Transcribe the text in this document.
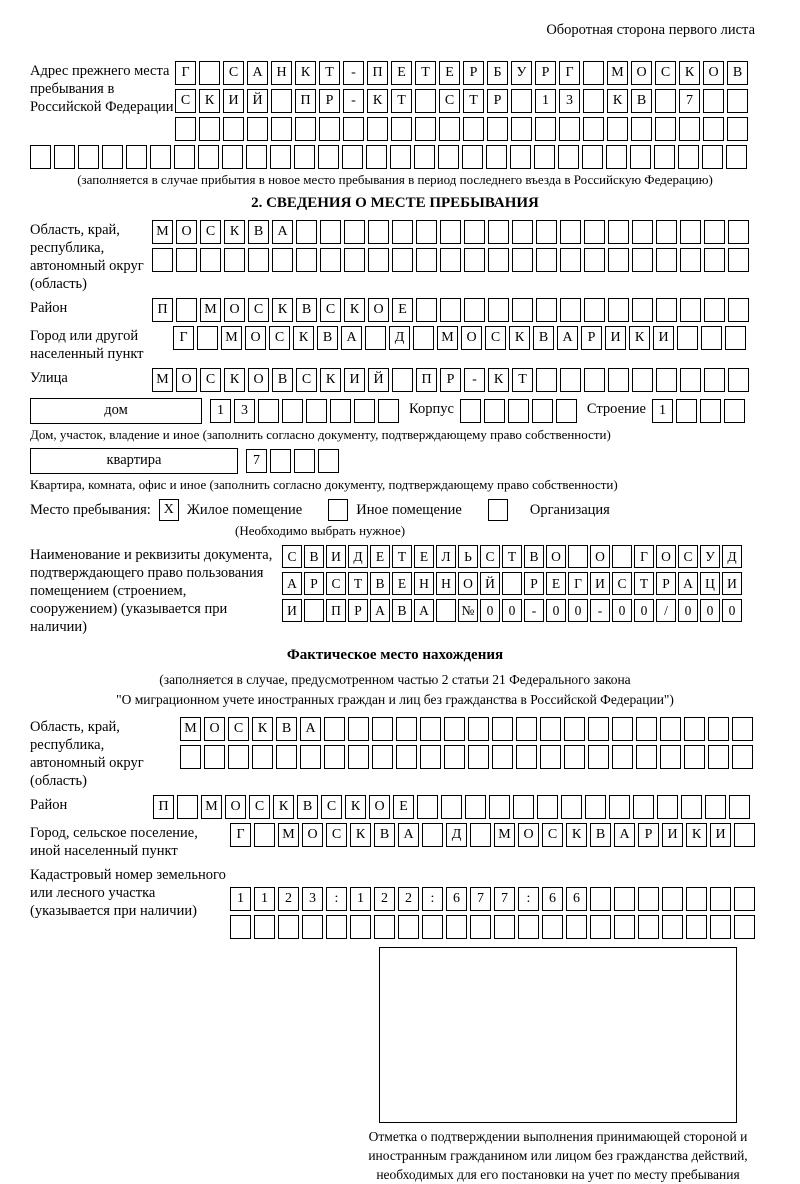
Оборотная сторона первого листа
Адрес прежнего места пребывания в Российской Федерации
Г	С	А Н	К	Т	-	П	Е	Т	Е	Р	Б	У	Р	Г	М О	С	К	О	В
С	К	И Й	П	Р	-	К	Т	С	Т	Р	1	3	К	В	7
(заполняется в случае прибытия в новое место пребывания в период последнего въезда в Российскую Федерацию)
2. СВЕДЕНИЯ О МЕСТЕ ПРЕБЫВАНИЯ
Область, край, республика, автономный округ (область)
М О	С	К	В	А
Район	П	М О	С	К	В	С	К	О	Е
Город или другой населенный пункт
Г	М О	С	К	В	А	Д	М О	С	К	В	А	Р	И	К	И
Улица	М О	С	К	О	В	С	К	И Й	П	Р	-	К	Т
дом	1	3	Корпус	Строение 1
Дом, участок, владение и иное (заполнить согласно документу, подтверждающему право собственности)
квартира	7
Квартира, комната, офис и иное (заполнить согласно документу, подтверждающему право собственности)
Место пребывания: X Жилое помещение	Иное помещение	Организация
(Необходимо выбрать нужное)
Наименование и реквизиты документа, подтверждающего право пользования помещением (строением, сооружением) (указывается при наличии)
С В И Д Е	Т	Е Л	Ь	С Т В О	О	Г О С У Д
А Р	С Т В Е Н Н О Й	Р	Е	Г И С Т	Р А Ц И
И	П Р А В А	№ 0	0	-	0	0	-	0	0	/	0	0	0
Фактическое место нахождения
(заполняется в случае, предусмотренном частью 2 статьи 21 Федерального закона
"О миграционном учете иностранных граждан и лиц без гражданства в Российской Федерации")
Область, край, республика, автономный округ (область)
М О	С	К	В	А
Район	П	М О	С	К	В	С	К	О	Е
Город, сельское поселение, иной населенный пункт
Г	М О	С	К	В	А	Д	М О	С	К	В	А	Р	И	К	И
Кадастровый номер земельного или лесного участка (указывается при наличии)
1	1	2	3	:	1	2	2	:	6	7	7	:	6	6
Отметка о подтверждении выполнения принимающей стороной и иностранным гражданином или лицом без гражданства действий, необходимых для его постановки на учет по месту пребывания
